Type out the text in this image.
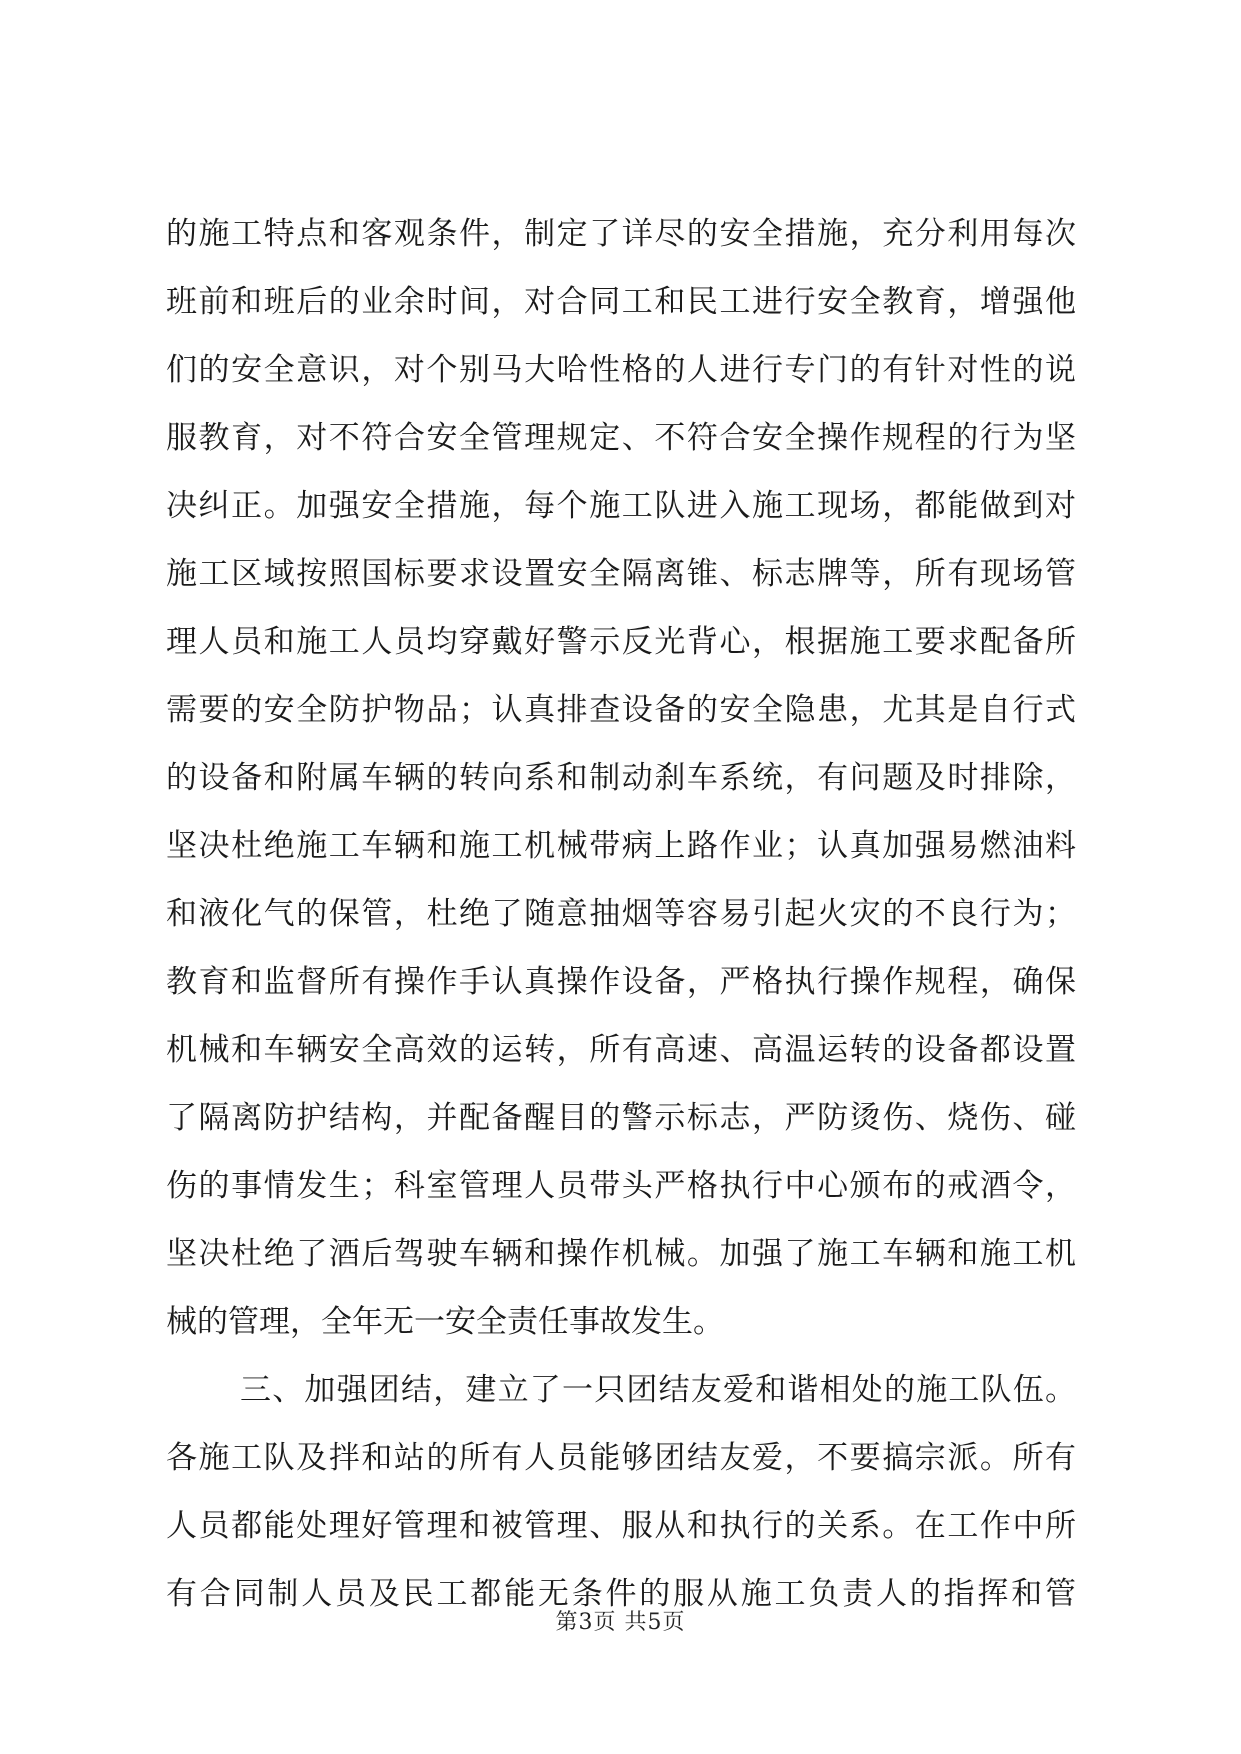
的施工特点和客观条件，制定了详尽的安全措施，充分利用每次
班前和班后的业余时间，对合同工和民工进行安全教育，增强他
们的安全意识，对个别马大哈性格的人进行专门的有针对性的说
服教育，对不符合安全管理规定、不符合安全操作规程的行为坚
决纠正。加强安全措施，每个施工队进入施工现场，都能做到对
施工区域按照国标要求设置安全隔离锥、标志牌等，所有现场管
理人员和施工人员均穿戴好警示反光背心，根据施工要求配备所
需要的安全防护物品；认真排查设备的安全隐患，尤其是自行式
的设备和附属车辆的转向系和制动刹车系统，有问题及时排除，
坚决杜绝施工车辆和施工机械带病上路作业；认真加强易燃油料
和液化气的保管，杜绝了随意抽烟等容易引起火灾的不良行为；
教育和监督所有操作手认真操作设备，严格执行操作规程，确保
机械和车辆安全高效的运转，所有高速、高温运转的设备都设置
了隔离防护结构，并配备醒目的警示标志，严防烫伤、烧伤、碰
伤的事情发生；科室管理人员带头严格执行中心颁布的戒酒令，
坚决杜绝了酒后驾驶车辆和操作机械。加强了施工车辆和施工机
械的管理，全年无一安全责任事故发生。
三、加强团结，建立了一只团结友爱和谐相处的施工队伍。
各施工队及拌和站的所有人员能够团结友爱，不要搞宗派。所有
人员都能处理好管理和被管理、服从和执行的关系。在工作中所
有合同制人员及民工都能无条件的服从施工负责人的指挥和管
第3页 共5页
